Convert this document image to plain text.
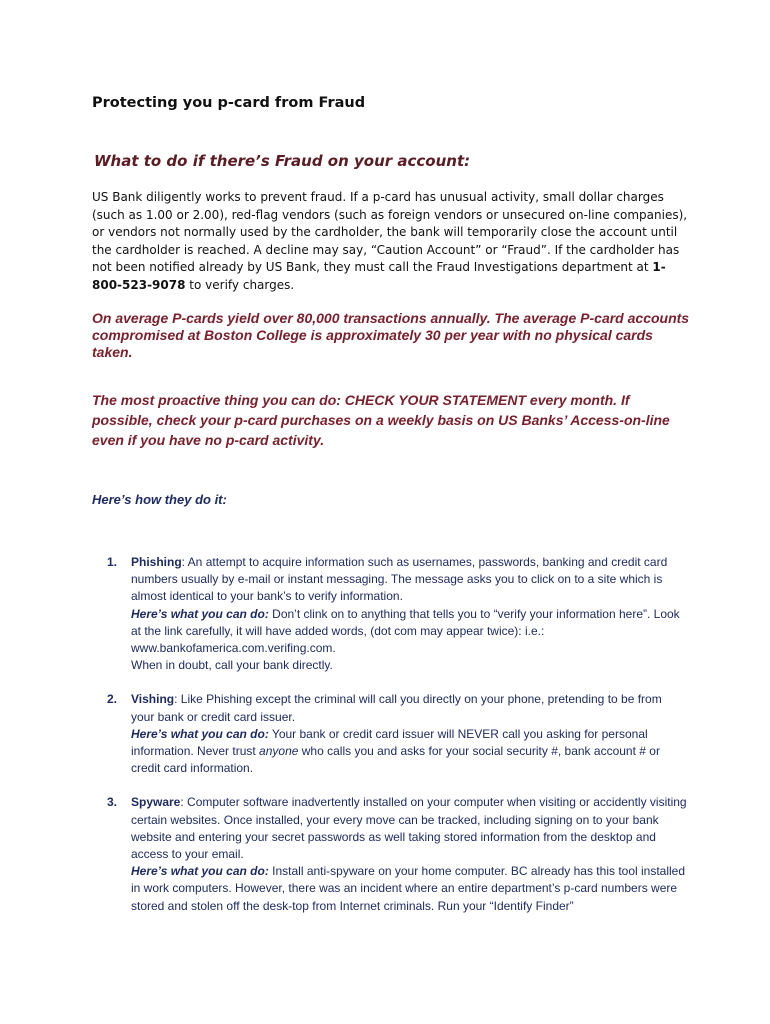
Protecting you p-card from Fraud
What to do if there’s Fraud on your account:

US Bank diligently works to prevent fraud. If a p-card has unusual activity, small dollar charges (such as 1.00 or 2.00), red-flag vendors (such as foreign vendors or unsecured on-line companies), or vendors not normally used by the cardholder, the bank will temporarily close the account until the cardholder is reached. A decline may say, “Caution Account” or “Fraud”. If the cardholder has not been notified already by US Bank, they must call the Fraud Investigations department at 1-800-523-9078 to verify charges.

On average P-cards yield over 80,000 transactions annually. The average P-card accounts compromised at Boston College is approximately 30 per year with no physical cards taken.

The most proactive thing you can do: CHECK YOUR STATEMENT every month. If possible, check your p-card purchases on a weekly basis on US Banks’ Access-on-line even if you have no p-card activity.

Here’s how they do it:
1. Phishing: An attempt to acquire information such as usernames, passwords, banking and credit card numbers usually by e-mail or instant messaging. The message asks you to click on to a site which is almost identical to your bank’s to verify information.
Here’s what you can do: Don’t clink on to anything that tells you to “verify your information here”. Look at the link carefully, it will have added words, (dot com may appear twice): i.e.: www.bankofamerica.com.verifing.com.
When in doubt, call your bank directly.
2. Vishing: Like Phishing except the criminal will call you directly on your phone, pretending to be from your bank or credit card issuer.
Here’s what you can do: Your bank or credit card issuer will NEVER call you asking for personal information. Never trust anyone who calls you and asks for your social security #, bank account # or credit card information.
3. Spyware: Computer software inadvertently installed on your computer when visiting or accidently visiting certain websites. Once installed, your every move can be tracked, including signing on to your bank website and entering your secret passwords as well taking stored information from the desktop and access to your email.
Here’s what you can do: Install anti-spyware on your home computer. BC already has this tool installed in work computers. However, there was an incident where an entire department’s p-card numbers were stored and stolen off the desk-top from Internet criminals. Run your “Identify Finder”
